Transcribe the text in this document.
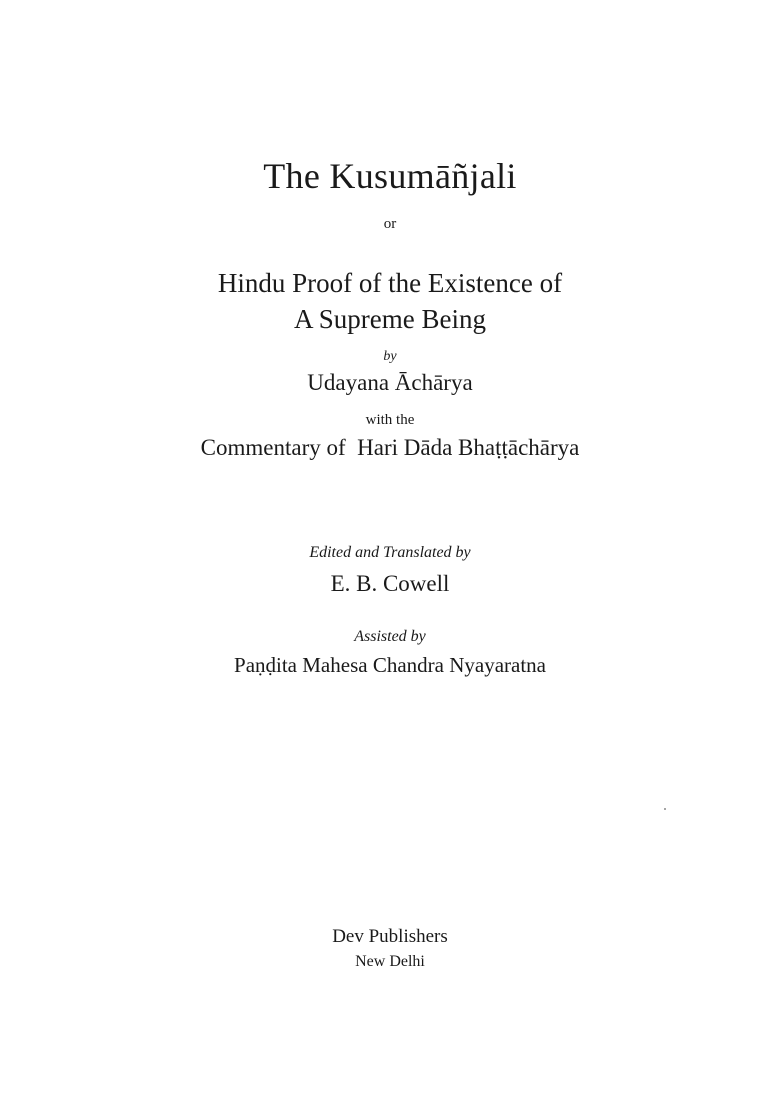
The Kusumāñjali
or
Hindu Proof of the Existence of
A Supreme Being
by
Udayana Āchārya
with the
Commentary of  Hari Dāda Bhaṭṭāchārya
Edited and Translated by
E. B. Cowell
Assisted by
Paṇḍita Mahesa Chandra Nyayaratna
Dev Publishers
New Delhi
